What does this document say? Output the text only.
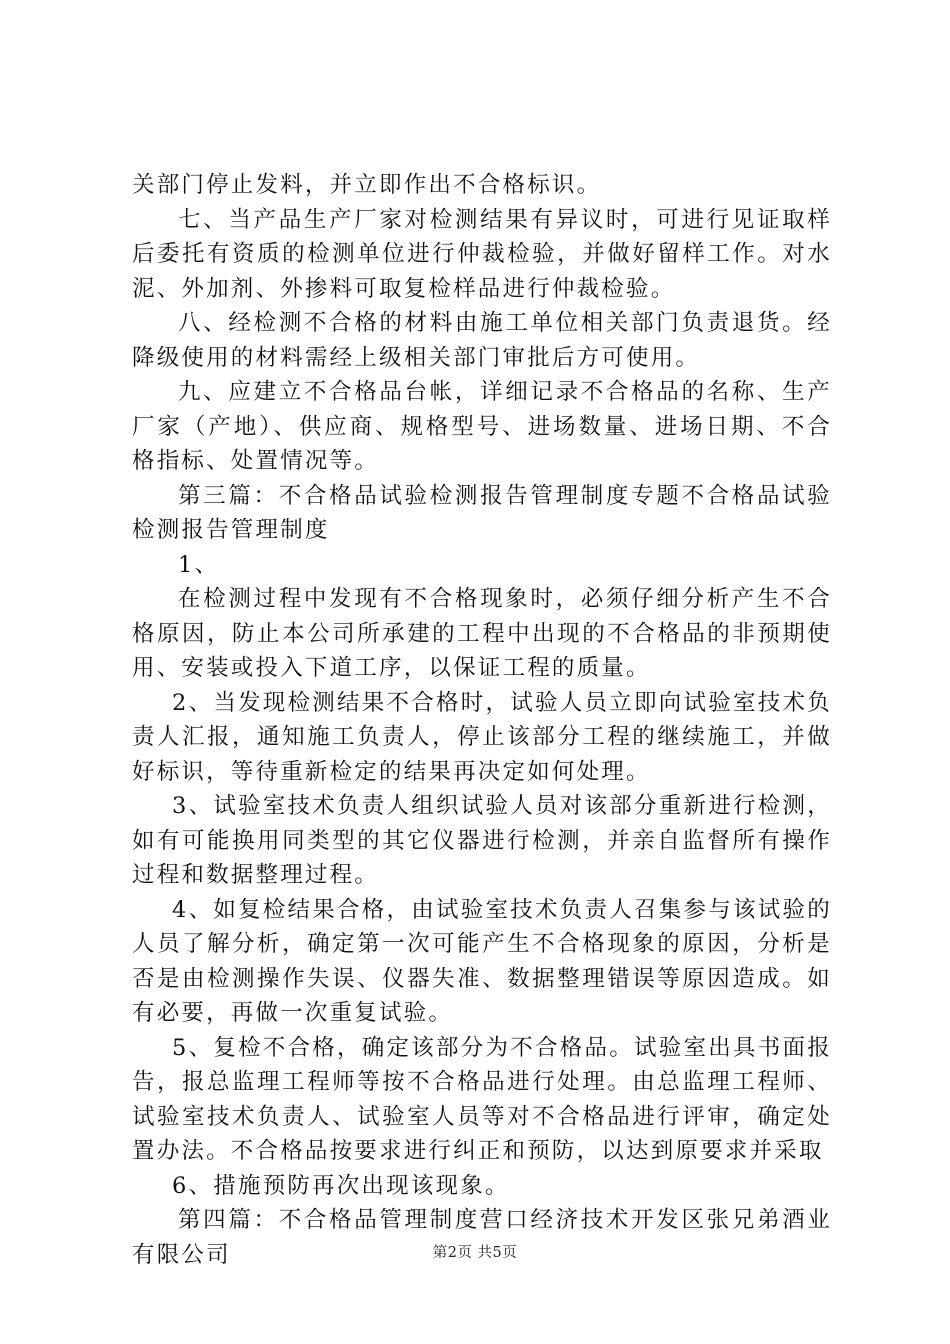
关部门停止发料，并立即作出不合格标识。

七、当产品生产厂家对检测结果有异议时，可进行见证取样后委托有资质的检测单位进行仲裁检验，并做好留样工作。对水泥、外加剂、外掺料可取复检样品进行仲裁检验。

八、经检测不合格的材料由施工单位相关部门负责退货。经降级使用的材料需经上级相关部门审批后方可使用。

九、应建立不合格品台帐，详细记录不合格品的名称、生产厂家（产地）、供应商、规格型号、进场数量、进场日期、不合格指标、处置情况等。

第三篇：不合格品试验检测报告管理制度专题不合格品试验检测报告管理制度

1、

在检测过程中发现有不合格现象时，必须仔细分析产生不合格原因，防止本公司所承建的工程中出现的不合格品的非预期使用、安装或投入下道工序，以保证工程的质量。

2、当发现检测结果不合格时，试验人员立即向试验室技术负责人汇报，通知施工负责人，停止该部分工程的继续施工，并做好标识，等待重新检定的结果再决定如何处理。

3、试验室技术负责人组织试验人员对该部分重新进行检测，如有可能换用同类型的其它仪器进行检测，并亲自监督所有操作过程和数据整理过程。

4、如复检结果合格，由试验室技术负责人召集参与该试验的人员了解分析，确定第一次可能产生不合格现象的原因，分析是否是由检测操作失误、仪器失准、数据整理错误等原因造成。如有必要，再做一次重复试验。

5、复检不合格，确定该部分为不合格品。试验室出具书面报告，报总监理工程师等按不合格品进行处理。由总监理工程师、试验室技术负责人、试验室人员等对不合格品进行评审，确定处置办法。不合格品按要求进行纠正和预防，以达到原要求并采取

6、措施预防再次出现该现象。

第四篇：不合格品管理制度营口经济技术开发区张兄弟酒业有限公司	第2页 共5页
